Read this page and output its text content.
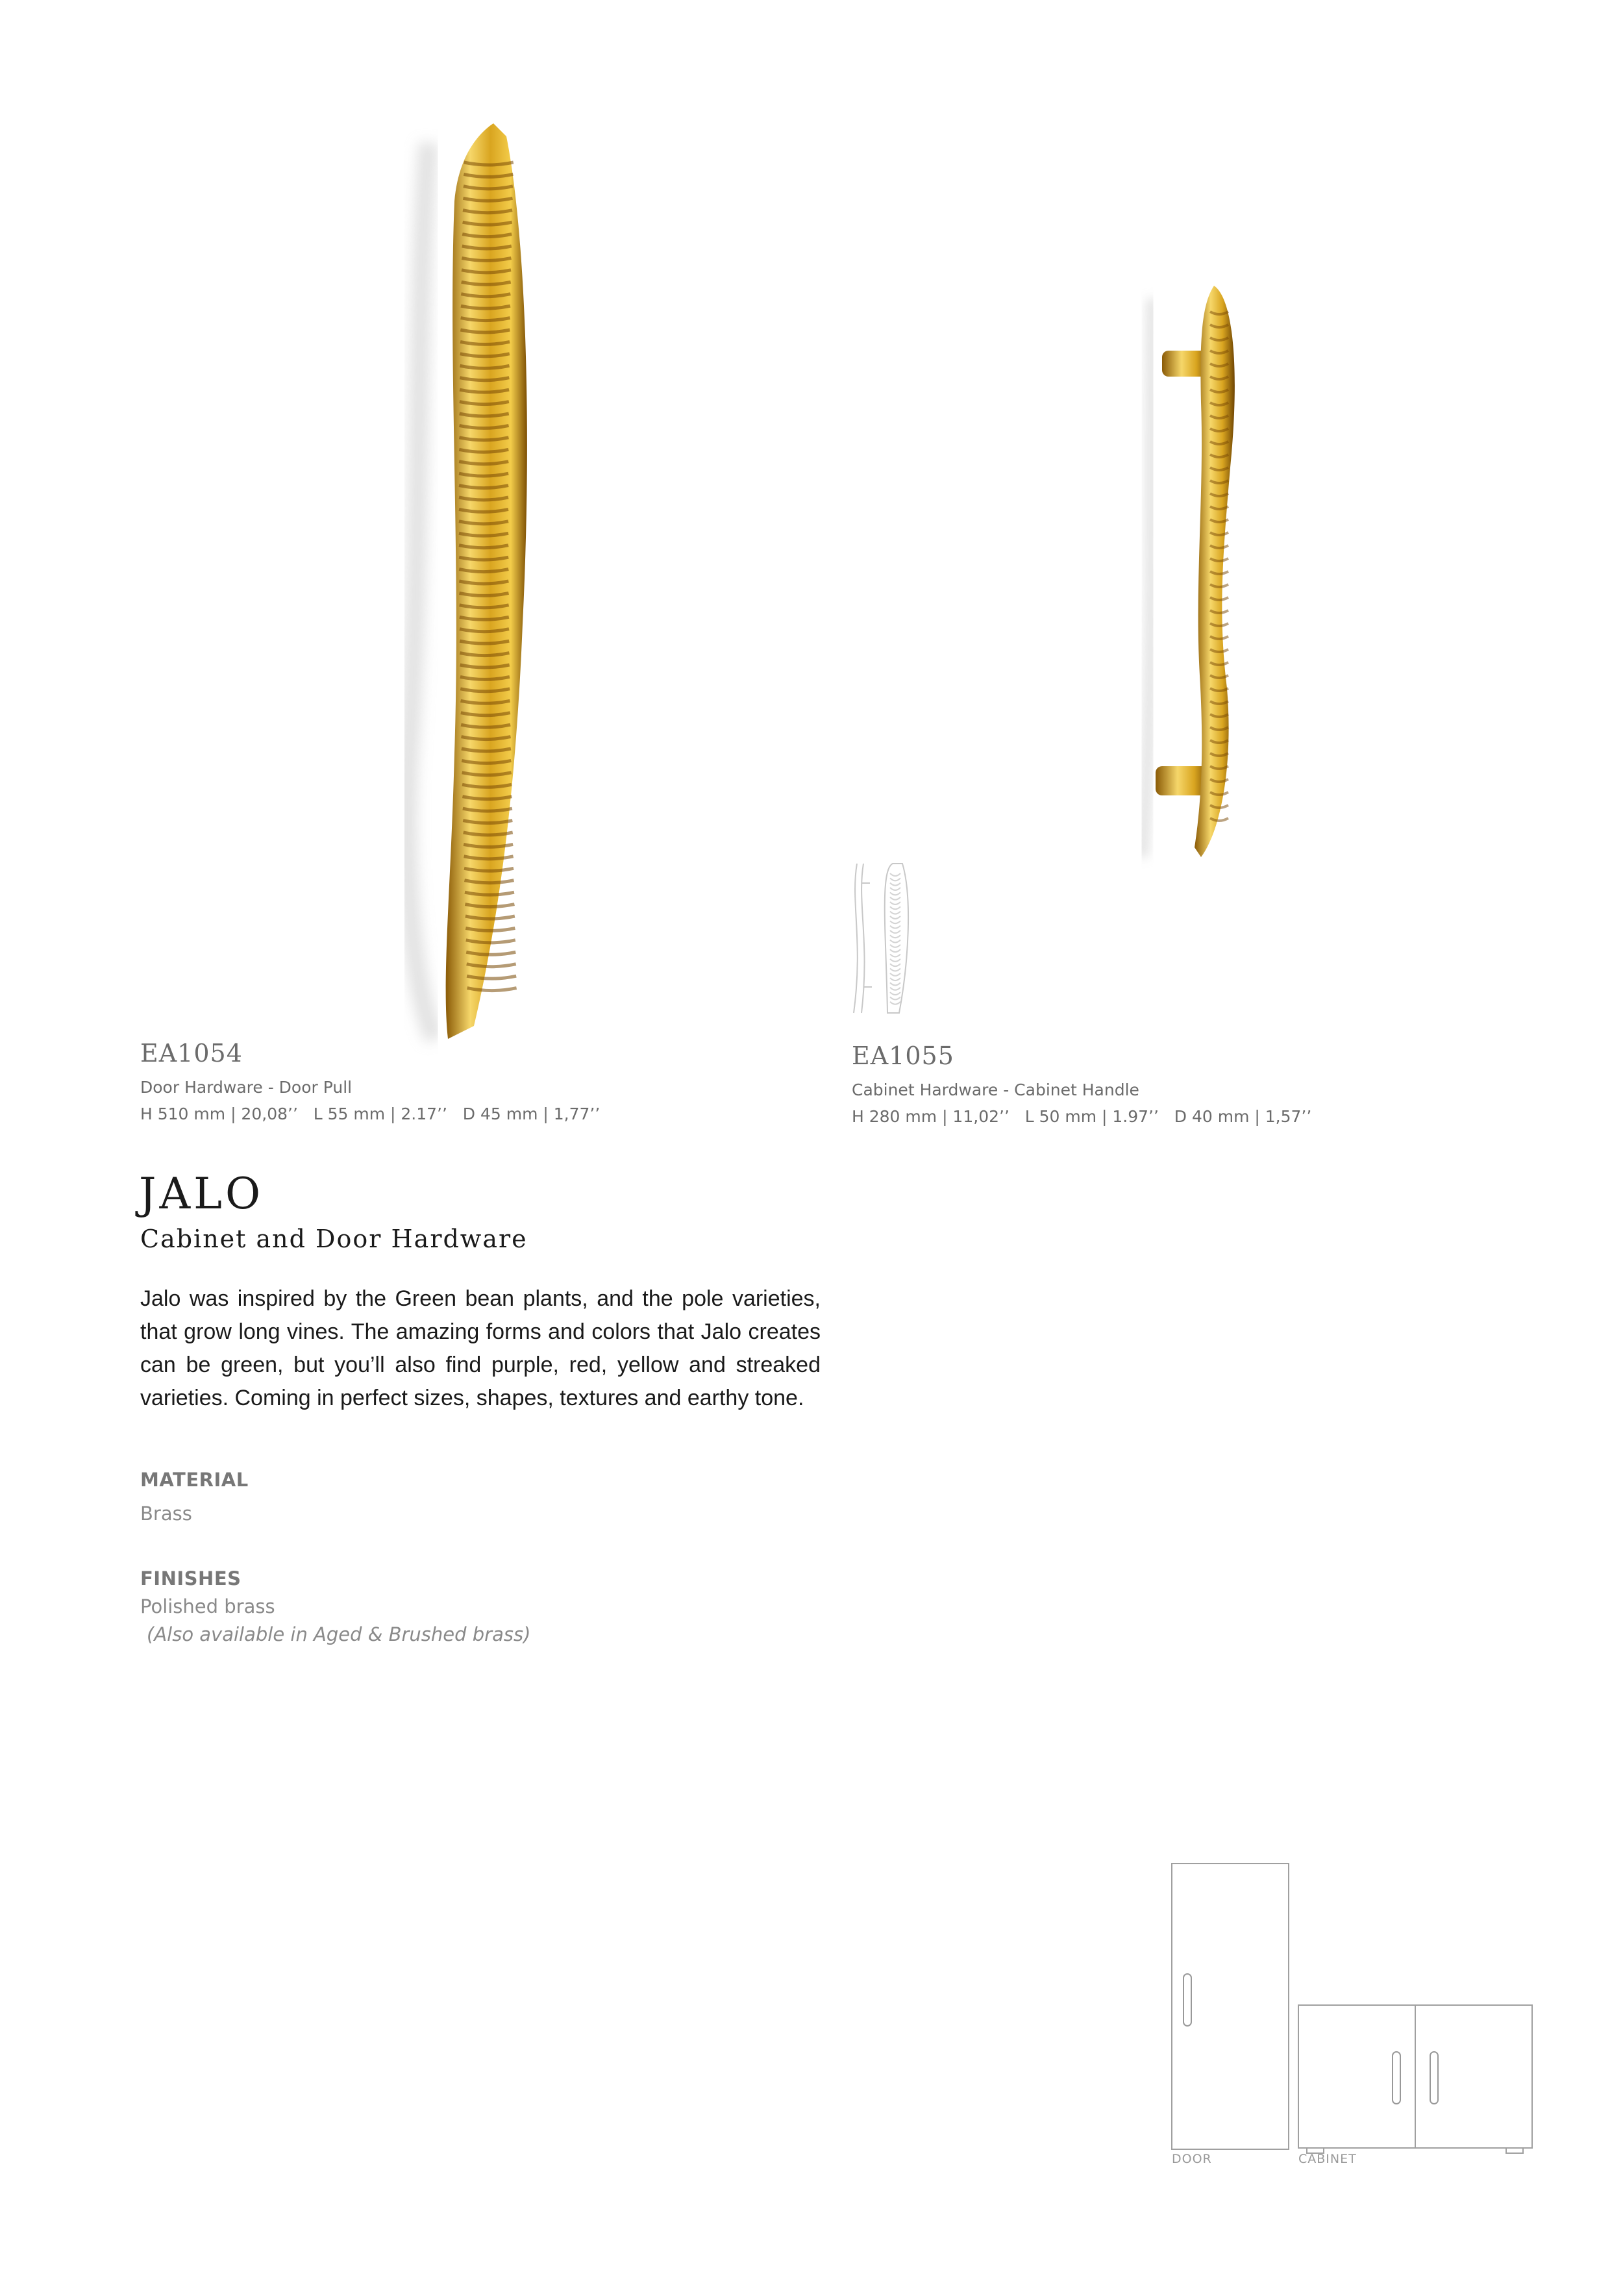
EA1054
Door Hardware - Door Pull
H 510 mm | 20,08’’   L 55 mm | 2.17’’   D 45 mm | 1,77’’
EA1055
Cabinet Hardware - Cabinet Handle
H 280 mm | 11,02’’   L 50 mm | 1.97’’   D 40 mm | 1,57’’
JALO
Cabinet and Door Hardware
Jalo was inspired by the Green bean plants, and the pole varieties, that grow long vines. The amazing forms and colors that Jalo creates can be green, but you’ll also find purple, red, yellow and streaked varieties. Coming in perfect sizes, shapes, textures and earthy tone.
MATERIAL
Brass
FINISHES
Polished brass
(Also available in Aged & Brushed brass)
DOOR	CABINET
